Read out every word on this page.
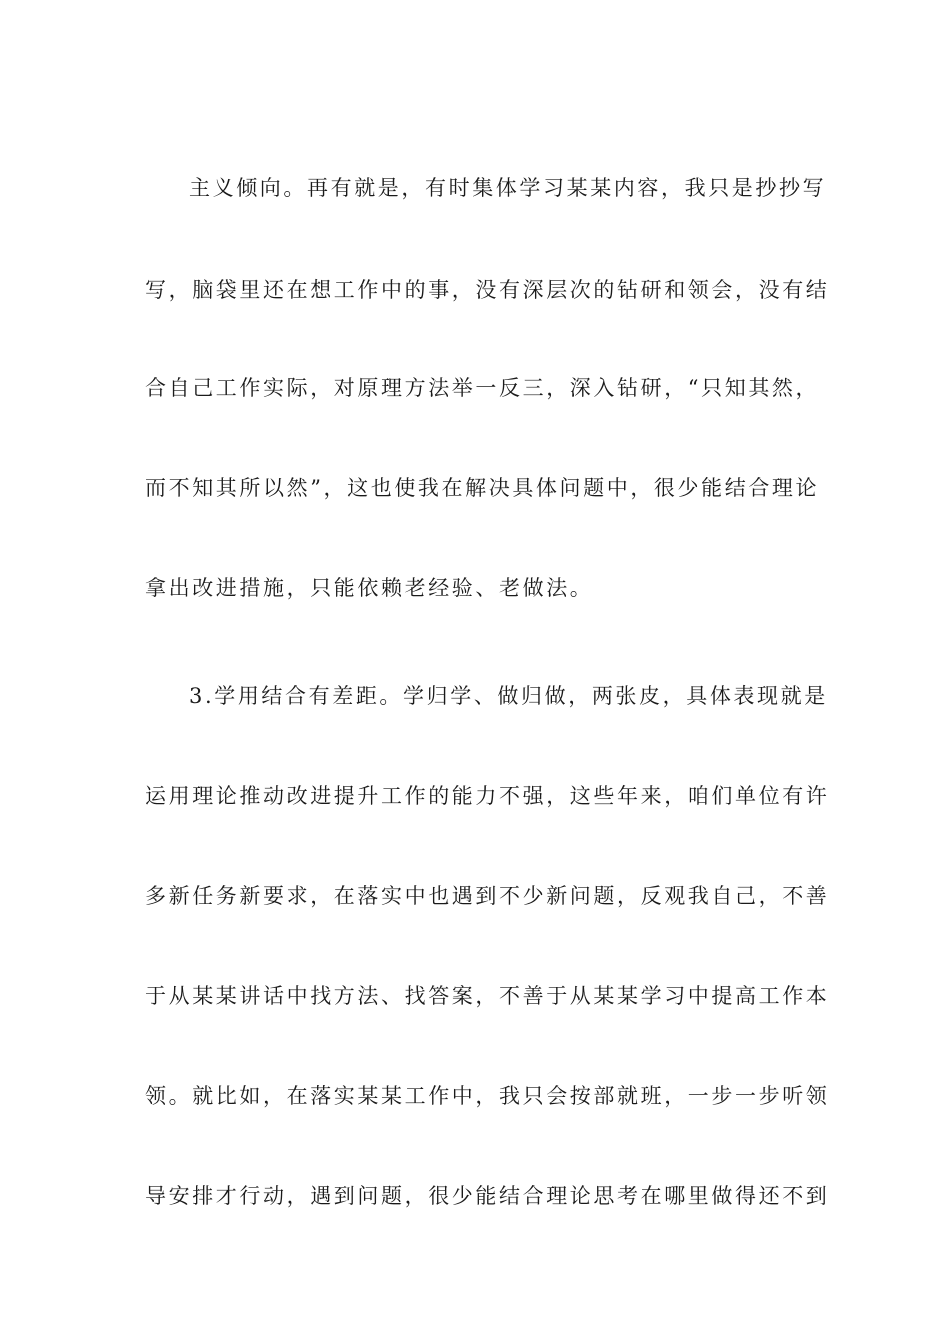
主义倾向。再有就是，有时集体学习某某内容，我只是抄抄写
写，脑袋里还在想工作中的事，没有深层次的钻研和领会，没有结
合自己工作实际，对原理方法举一反三，深入钻研，“只知其然，
而不知其所以然”，这也使我在解决具体问题中，很少能结合理论
拿出改进措施，只能依赖老经验、老做法。
3.学用结合有差距。学归学、做归做，两张皮，具体表现就是
运用理论推动改进提升工作的能力不强，这些年来，咱们单位有许
多新任务新要求，在落实中也遇到不少新问题，反观我自己，不善
于从某某讲话中找方法、找答案，不善于从某某学习中提高工作本
领。就比如，在落实某某工作中，我只会按部就班，一步一步听领
导安排才行动，遇到问题，很少能结合理论思考在哪里做得还不到
